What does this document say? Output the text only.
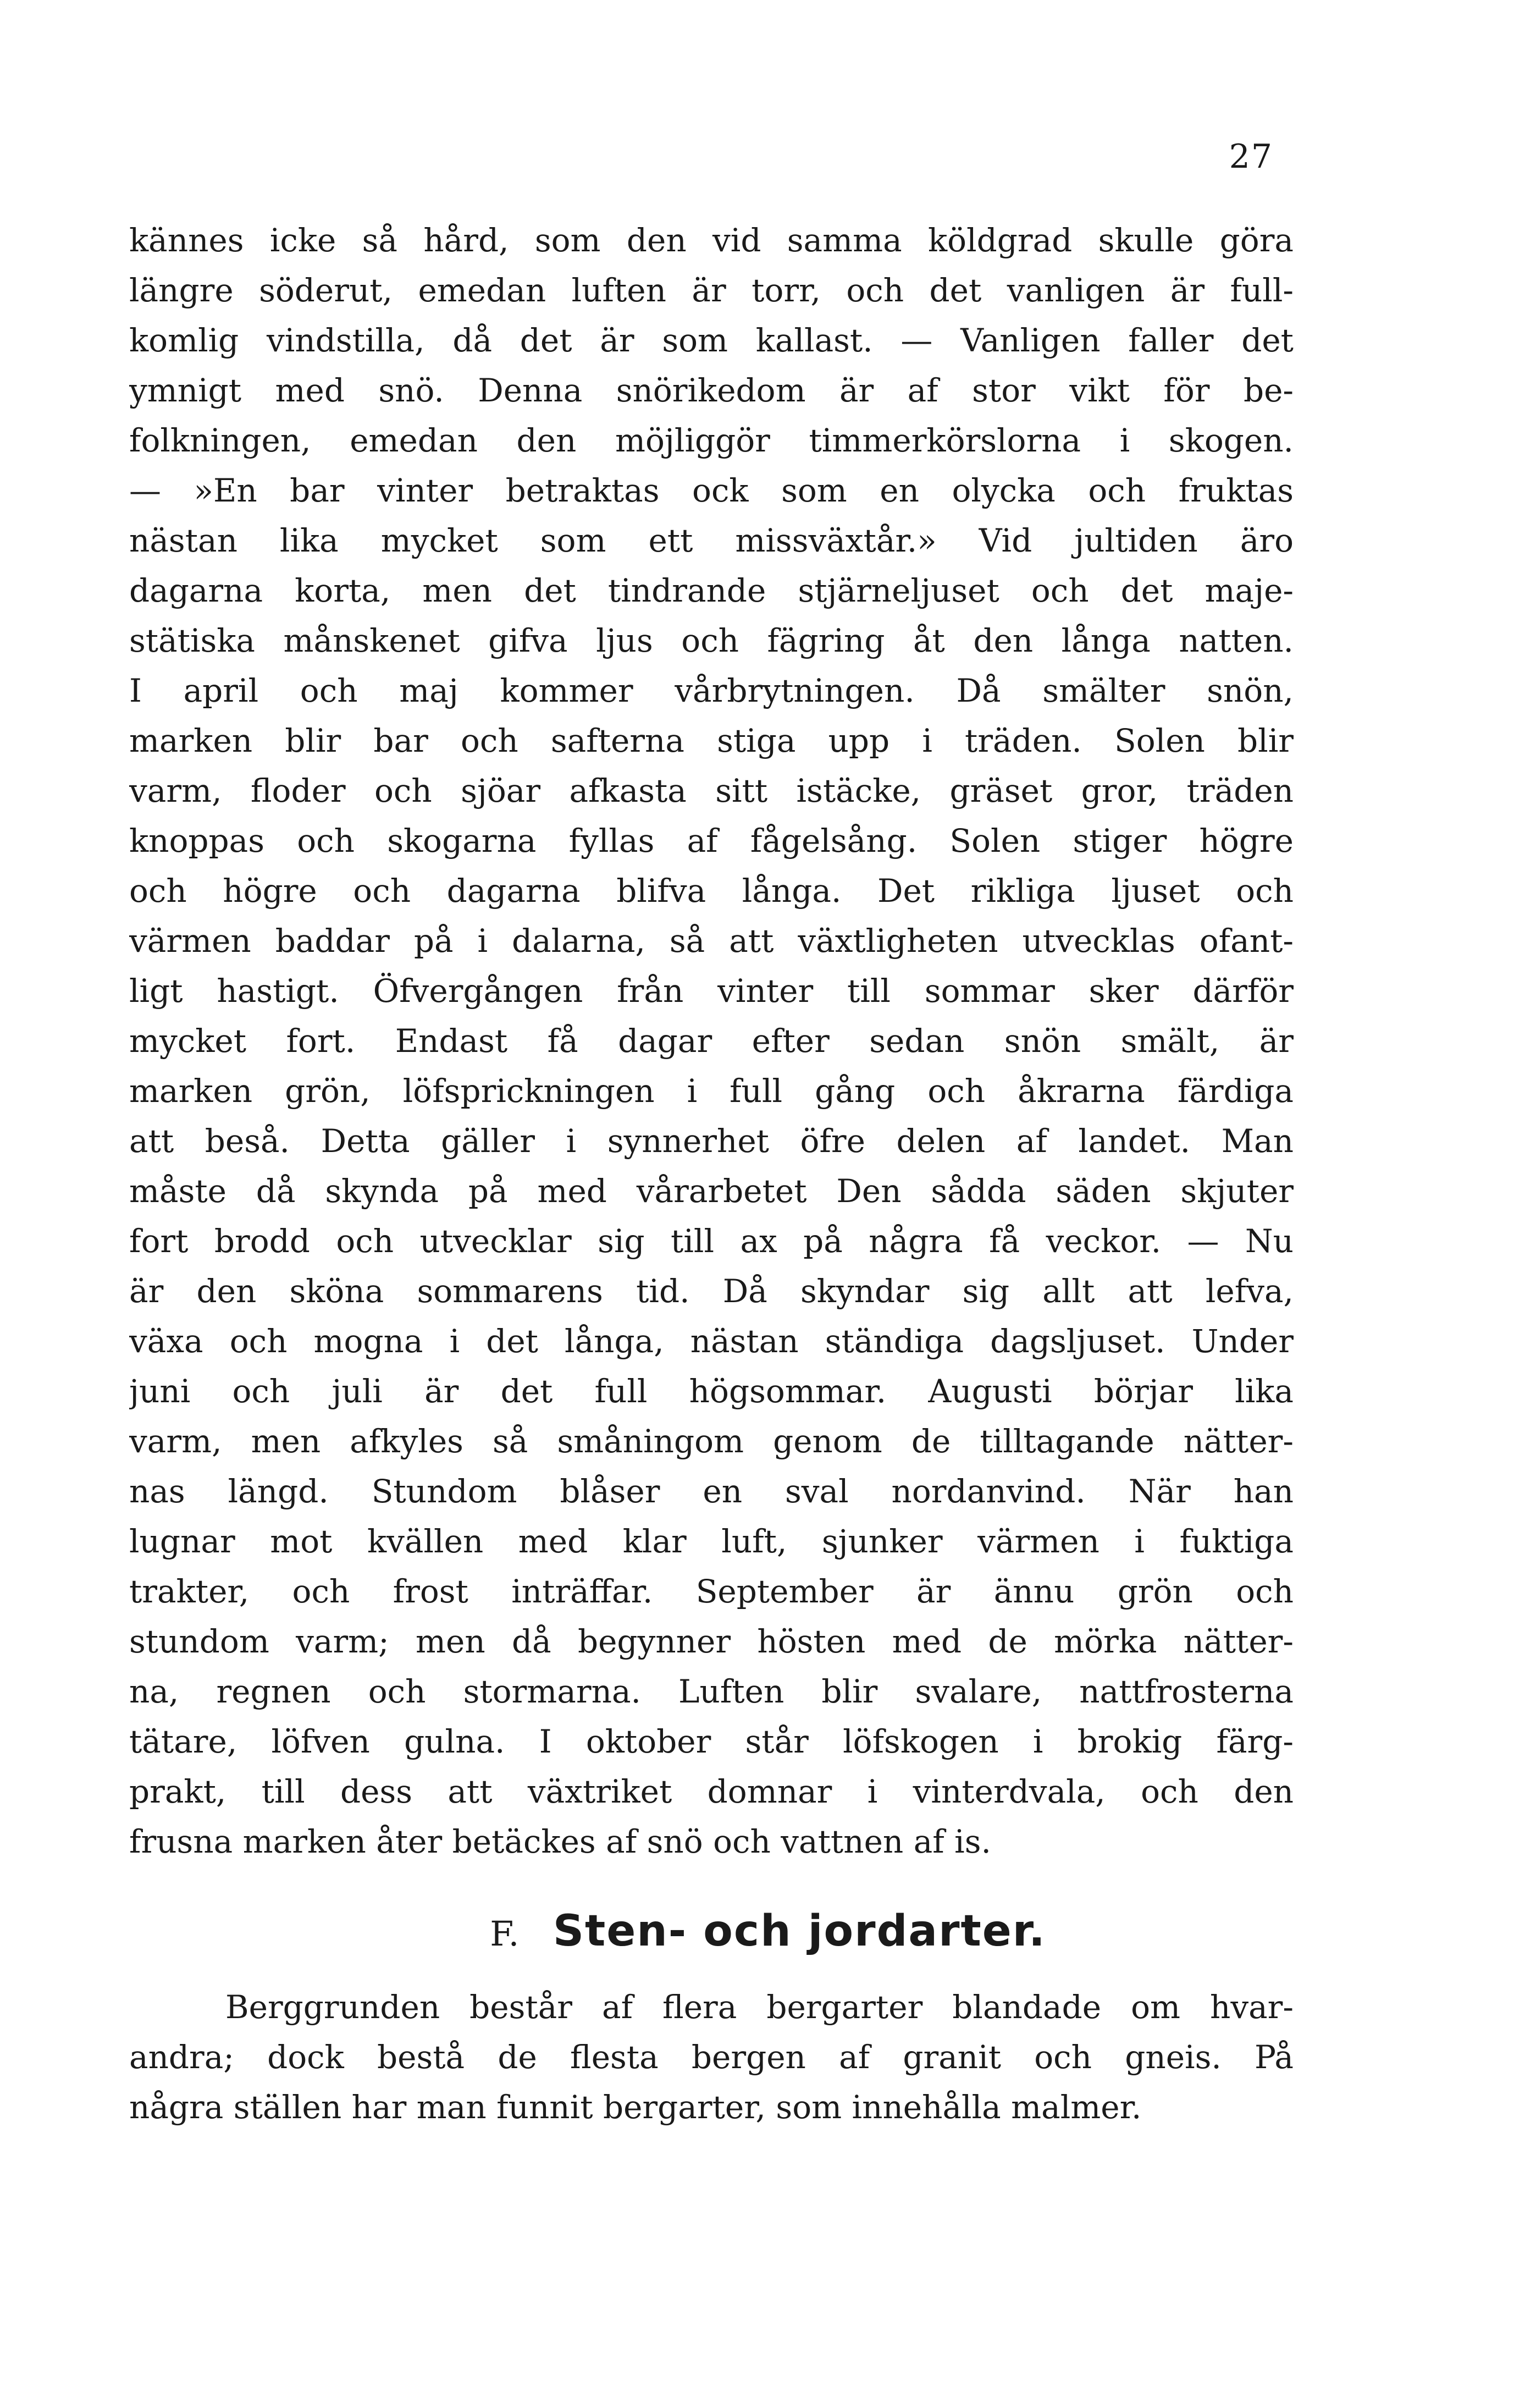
27
kännes icke så hård, som den vid samma köldgrad skulle göra
längre söderut, emedan luften är torr, och det vanligen är full-
komlig vindstilla, då det är som kallast. — Vanligen faller det
ymnigt med snö. Denna snörikedom är af stor vikt för be-
folkningen, emedan den möjliggör timmerkörslorna i skogen.
— »En bar vinter betraktas ock som en olycka och fruktas
nästan lika mycket som ett missväxtår.» Vid jultiden äro
dagarna korta, men det tindrande stjärneljuset och det maje-
stätiska månskenet gifva ljus och fägring åt den långa natten.
I april och maj kommer vårbrytningen. Då smälter snön,
marken blir bar och safterna stiga upp i träden. Solen blir
varm, floder och sjöar afkasta sitt istäcke, gräset gror, träden
knoppas och skogarna fyllas af fågelsång. Solen stiger högre
och högre och dagarna blifva långa. Det rikliga ljuset och
värmen baddar på i dalarna, så att växtligheten utvecklas ofant-
ligt hastigt. Öfvergången från vinter till sommar sker därför
mycket fort. Endast få dagar efter sedan snön smält, är
marken grön, löfsprickningen i full gång och åkrarna färdiga
att beså. Detta gäller i synnerhet öfre delen af landet. Man
måste då skynda på med vårarbetet Den sådda säden skjuter
fort brodd och utvecklar sig till ax på några få veckor. — Nu
är den sköna sommarens tid. Då skyndar sig allt att lefva,
växa och mogna i det långa, nästan ständiga dagsljuset. Under
juni och juli är det full högsommar. Augusti börjar lika
varm, men afkyles så småningom genom de tilltagande nätter-
nas längd. Stundom blåser en sval nordanvind. När han
lugnar mot kvällen med klar luft, sjunker värmen i fuktiga
trakter, och frost inträffar. September är ännu grön och
stundom varm; men då begynner hösten med de mörka nätter-
na, regnen och stormarna. Luften blir svalare, nattfrosterna
tätare, löfven gulna. I oktober står löfskogen i brokig färg-
prakt, till dess att växtriket domnar i vinterdvala, och den
frusna marken åter betäckes af snö och vattnen af is.
F. Sten- och jordarter.
Berggrunden består af flera bergarter blandade om hvar-
andra; dock bestå de flesta bergen af granit och gneis. På
några ställen har man funnit bergarter, som innehålla malmer.
